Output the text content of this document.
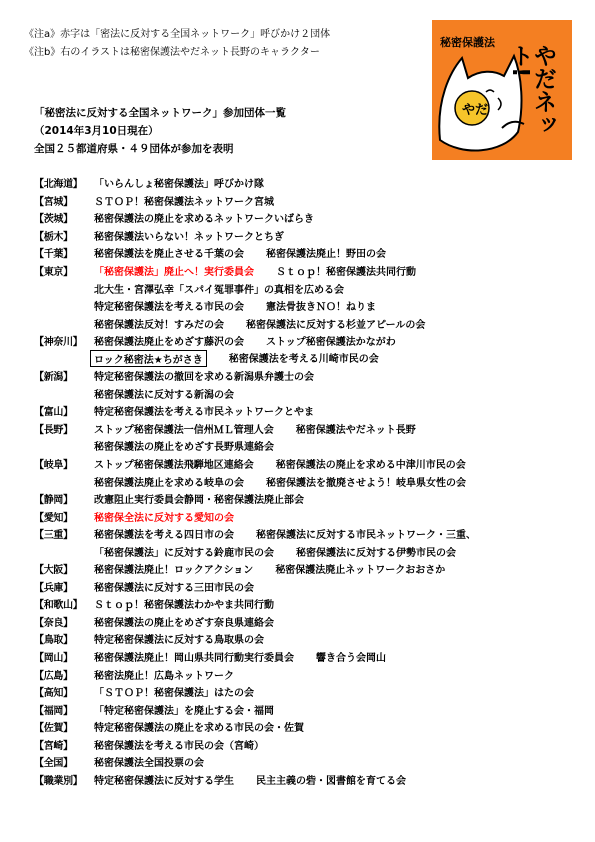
《注a》赤字は「密法に反対する全国ネットワーク」呼びかけ２団体
《注b》右のイラストは秘密保護法やだネット長野のキャラクター
秘密保護法
やだ やだネット!
「秘密法に反対する全国ネットワーク」参加団体一覧
（2014年3月10日現在）
全国２５都道府県・４９団体が参加を表明
【北海道】	「いらんしょ秘密保護法」呼びかけ隊
【宮城】	ＳＴＯＰ！秘密保護法ネットワーク宮城
【茨城】	秘密保護法の廃止を求めるネットワークいばらき
【栃木】	秘密保護法いらない！ネットワークとちぎ
【千葉】	秘密保護法を廃止させる千葉の会 秘密保護法廃止！野田の会
【東京】	「秘密保護法」廃止へ！実行委員会 Ｓｔｏｐ！秘密保護法共同行動
北大生・宮澤弘幸「スパイ冤罪事件」の真相を広める会
特定秘密保護法を考える市民の会 憲法骨抜きＮＯ！ねりま
秘密保護法反対！すみだの会 秘密保護法に反対する杉並アピールの会
【神奈川】	秘密保護法廃止をめざす藤沢の会 ストップ秘密保護法かながわ
ロック秘密法★ちがさき	秘密保護法を考える川崎市民の会
【新潟】	特定秘密保護法の撤回を求める新潟県弁護士の会
秘密保護法に反対する新潟の会
【富山】	特定秘密保護法を考える市民ネットワークとやま
【長野】	ストップ秘密保護法一信州ＭＬ管理人会 秘密保護法やだネット長野
秘密保護法の廃止をめざす長野県連絡会
【岐阜】	ストップ秘密保護法飛騨地区連絡会 秘密保護法の廃止を求める中津川市民の会
秘密保護法廃止を求める岐阜の会 秘密保護法を撤廃させよう！岐阜県女性の会
【静岡】	改憲阻止実行委員会静岡・秘密保護法廃止部会
【愛知】	秘密保全法に反対する愛知の会
【三重】	秘密保護法を考える四日市の会 秘密保護法に反対する市民ネットワーク・三重、
「秘密保護法」に反対する鈴鹿市民の会 秘密保護法に反対する伊勢市民の会
【大阪】	秘密保護法廃止！ロックアクション 秘密保護法廃止ネットワークおおさか
【兵庫】	秘密保護法に反対する三田市民の会
【和歌山】	Ｓｔｏｐ！秘密保護法わかやま共同行動
【奈良】	秘密保護法の廃止をめざす奈良県連絡会
【鳥取】	特定秘密保護法に反対する鳥取県の会
【岡山】	秘密保護法廃止！岡山県共同行動実行委員会 響き合う会岡山
【広島】	秘密法廃止！広島ネットワーク
【高知】	「ＳＴＯＰ！秘密保護法」はたの会
【福岡】	「特定秘密保護法」を廃止する会・福岡
【佐賀】	特定秘密保護法の廃止を求める市民の会・佐賀
【宮崎】	秘密保護法を考える市民の会（宮崎）
【全国】	秘密保護法全国投票の会
【職業別】	特定秘密保護法に反対する学生 民主主義の砦・図書館を育てる会
